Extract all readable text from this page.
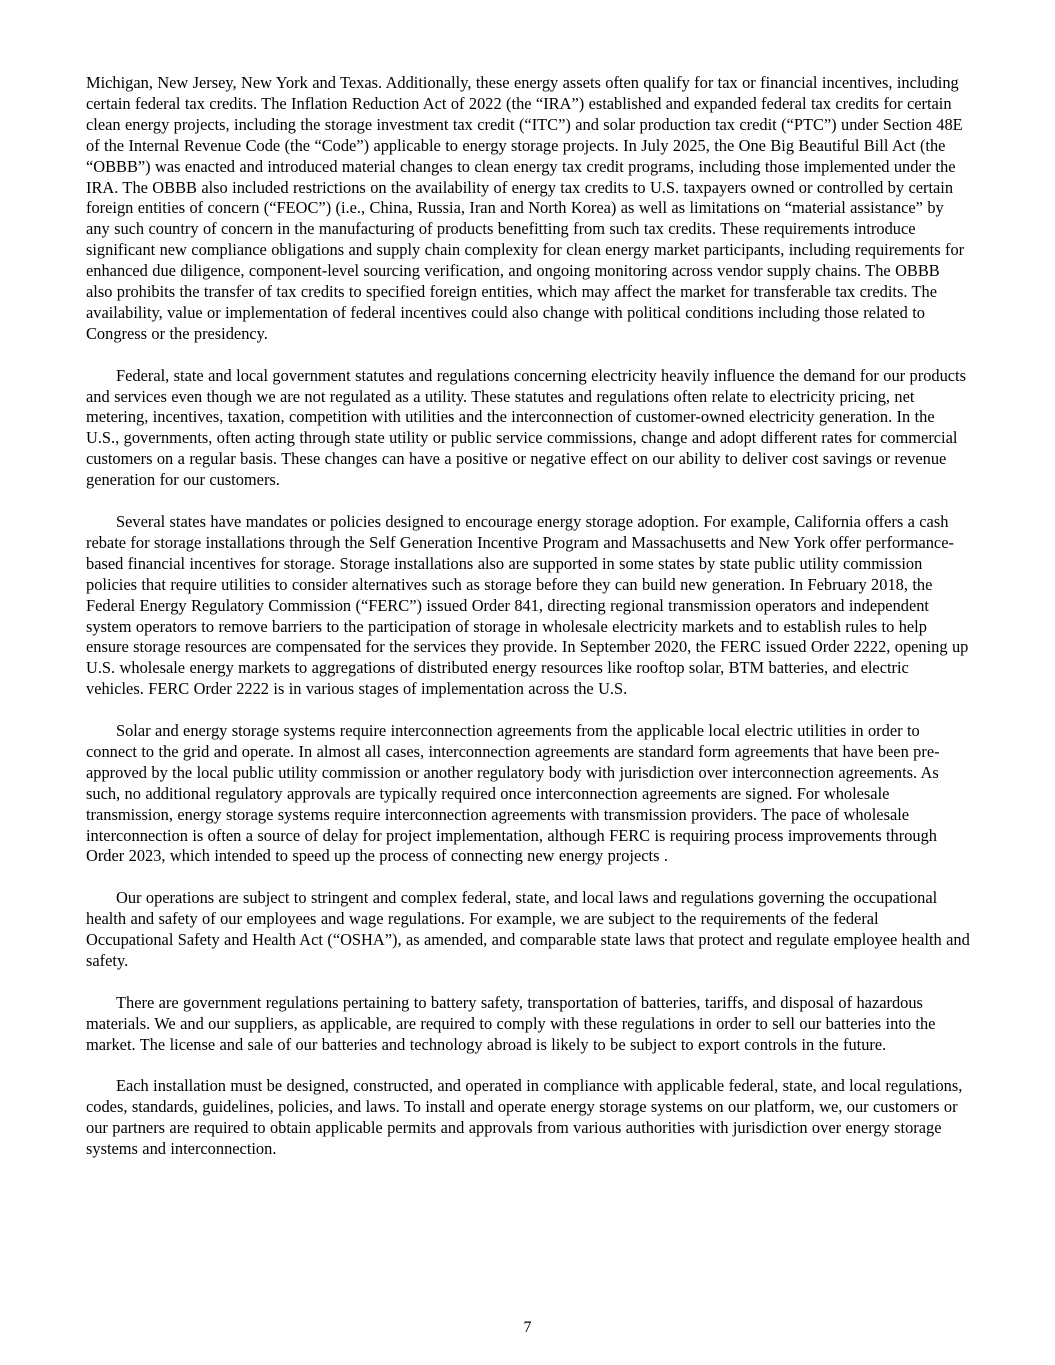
Michigan, New Jersey, New York and Texas. Additionally, these energy assets often qualify for tax or financial incentives, including certain federal tax credits. The Inflation Reduction Act of 2022 (the “IRA”) established and expanded federal tax credits for certain clean energy projects, including the storage investment tax credit (“ITC”) and solar production tax credit (“PTC”) under Section 48E of the Internal Revenue Code (the “Code”) applicable to energy storage projects. In July 2025, the One Big Beautiful Bill Act (the “OBBB”) was enacted and introduced material changes to clean energy tax credit programs, including those implemented under the IRA. The OBBB also included restrictions on the availability of energy tax credits to U.S. taxpayers owned or controlled by certain foreign entities of concern (“FEOC”) (i.e., China, Russia, Iran and North Korea) as well as limitations on “material assistance” by any such country of concern in the manufacturing of products benefitting from such tax credits. These requirements introduce significant new compliance obligations and supply chain complexity for clean energy market participants, including requirements for enhanced due diligence, component-level sourcing verification, and ongoing monitoring across vendor supply chains. The OBBB also prohibits the transfer of tax credits to specified foreign entities, which may affect the market for transferable tax credits. The availability, value or implementation of federal incentives could also change with political conditions including those related to Congress or the presidency.

Federal, state and local government statutes and regulations concerning electricity heavily influence the demand for our products and services even though we are not regulated as a utility. These statutes and regulations often relate to electricity pricing, net metering, incentives, taxation, competition with utilities and the interconnection of customer-owned electricity generation. In the U.S., governments, often acting through state utility or public service commissions, change and adopt different rates for commercial customers on a regular basis. These changes can have a positive or negative effect on our ability to deliver cost savings or revenue generation for our customers.

Several states have mandates or policies designed to encourage energy storage adoption. For example, California offers a cash rebate for storage installations through the Self Generation Incentive Program and Massachusetts and New York offer performance-based financial incentives for storage. Storage installations also are supported in some states by state public utility commission policies that require utilities to consider alternatives such as storage before they can build new generation. In February 2018, the Federal Energy Regulatory Commission (“FERC”) issued Order 841, directing regional transmission operators and independent system operators to remove barriers to the participation of storage in wholesale electricity markets and to establish rules to help ensure storage resources are compensated for the services they provide. In September 2020, the FERC issued Order 2222, opening up U.S. wholesale energy markets to aggregations of distributed energy resources like rooftop solar, BTM batteries, and electric vehicles. FERC Order 2222 is in various stages of implementation across the U.S.

Solar and energy storage systems require interconnection agreements from the applicable local electric utilities in order to connect to the grid and operate. In almost all cases, interconnection agreements are standard form agreements that have been pre-approved by the local public utility commission or another regulatory body with jurisdiction over interconnection agreements. As such, no additional regulatory approvals are typically required once interconnection agreements are signed. For wholesale transmission, energy storage systems require interconnection agreements with transmission providers. The pace of wholesale interconnection is often a source of delay for project implementation, although FERC is requiring process improvements through Order 2023, which intended to speed up the process of connecting new energy projects .

Our operations are subject to stringent and complex federal, state, and local laws and regulations governing the occupational health and safety of our employees and wage regulations. For example, we are subject to the requirements of the federal Occupational Safety and Health Act (“OSHA”), as amended, and comparable state laws that protect and regulate employee health and safety.

There are government regulations pertaining to battery safety, transportation of batteries, tariffs, and disposal of hazardous materials. We and our suppliers, as applicable, are required to comply with these regulations in order to sell our batteries into the market. The license and sale of our batteries and technology abroad is likely to be subject to export controls in the future.

Each installation must be designed, constructed, and operated in compliance with applicable federal, state, and local regulations, codes, standards, guidelines, policies, and laws. To install and operate energy storage systems on our platform, we, our customers or our partners are required to obtain applicable permits and approvals from various authorities with jurisdiction over energy storage systems and interconnection.

7
